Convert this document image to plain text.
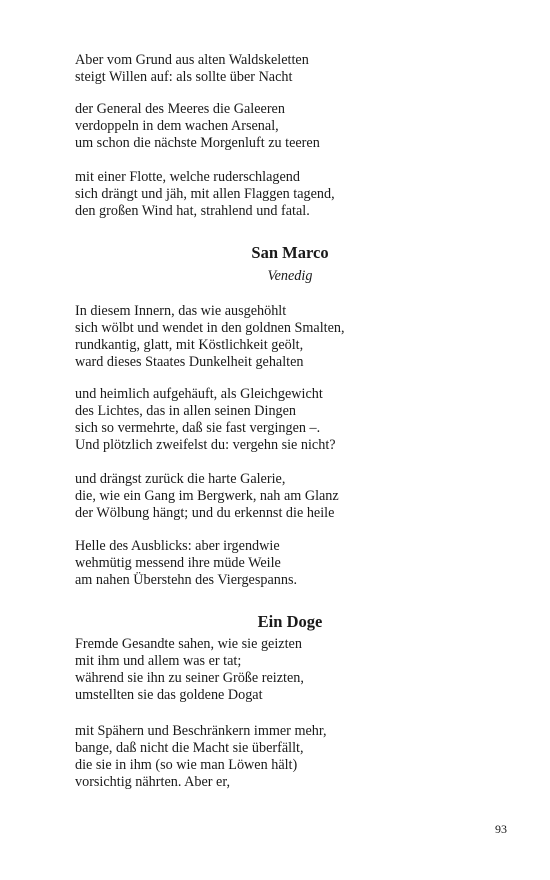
Aber vom Grund aus alten Waldskeletten
steigt Willen auf: als sollte über Nacht
der General des Meeres die Galeeren
verdoppeln in dem wachen Arsenal,
um schon die nächste Morgenluft zu teeren
mit einer Flotte, welche ruderschlagend
sich drängt und jäh, mit allen Flaggen tagend,
den großen Wind hat, strahlend und fatal.
San Marco

Venedig

In diesem Innern, das wie ausgehöhlt
sich wölbt und wendet in den goldnen Smalten,
rundkantig, glatt, mit Köstlichkeit geölt,
ward dieses Staates Dunkelheit gehalten
und heimlich aufgehäuft, als Gleichgewicht
des Lichtes, das in allen seinen Dingen
sich so vermehrte, daß sie fast vergingen –.
Und plötzlich zweifelst du: vergehn sie nicht?
und drängst zurück die harte Galerie,
die, wie ein Gang im Bergwerk, nah am Glanz
der Wölbung hängt; und du erkennst die heile
Helle des Ausblicks: aber irgendwie
wehmütig messend ihre müde Weile
am nahen Überstehn des Viergespanns.
Ein Doge
Fremde Gesandte sahen, wie sie geizten
mit ihm und allem was er tat;
während sie ihn zu seiner Größe reizten,
umstellten sie das goldene Dogat
mit Spähern und Beschränkern immer mehr,
bange, daß nicht die Macht sie überfällt,
die sie in ihm (so wie man Löwen hält)
vorsichtig nährten. Aber er,
93
